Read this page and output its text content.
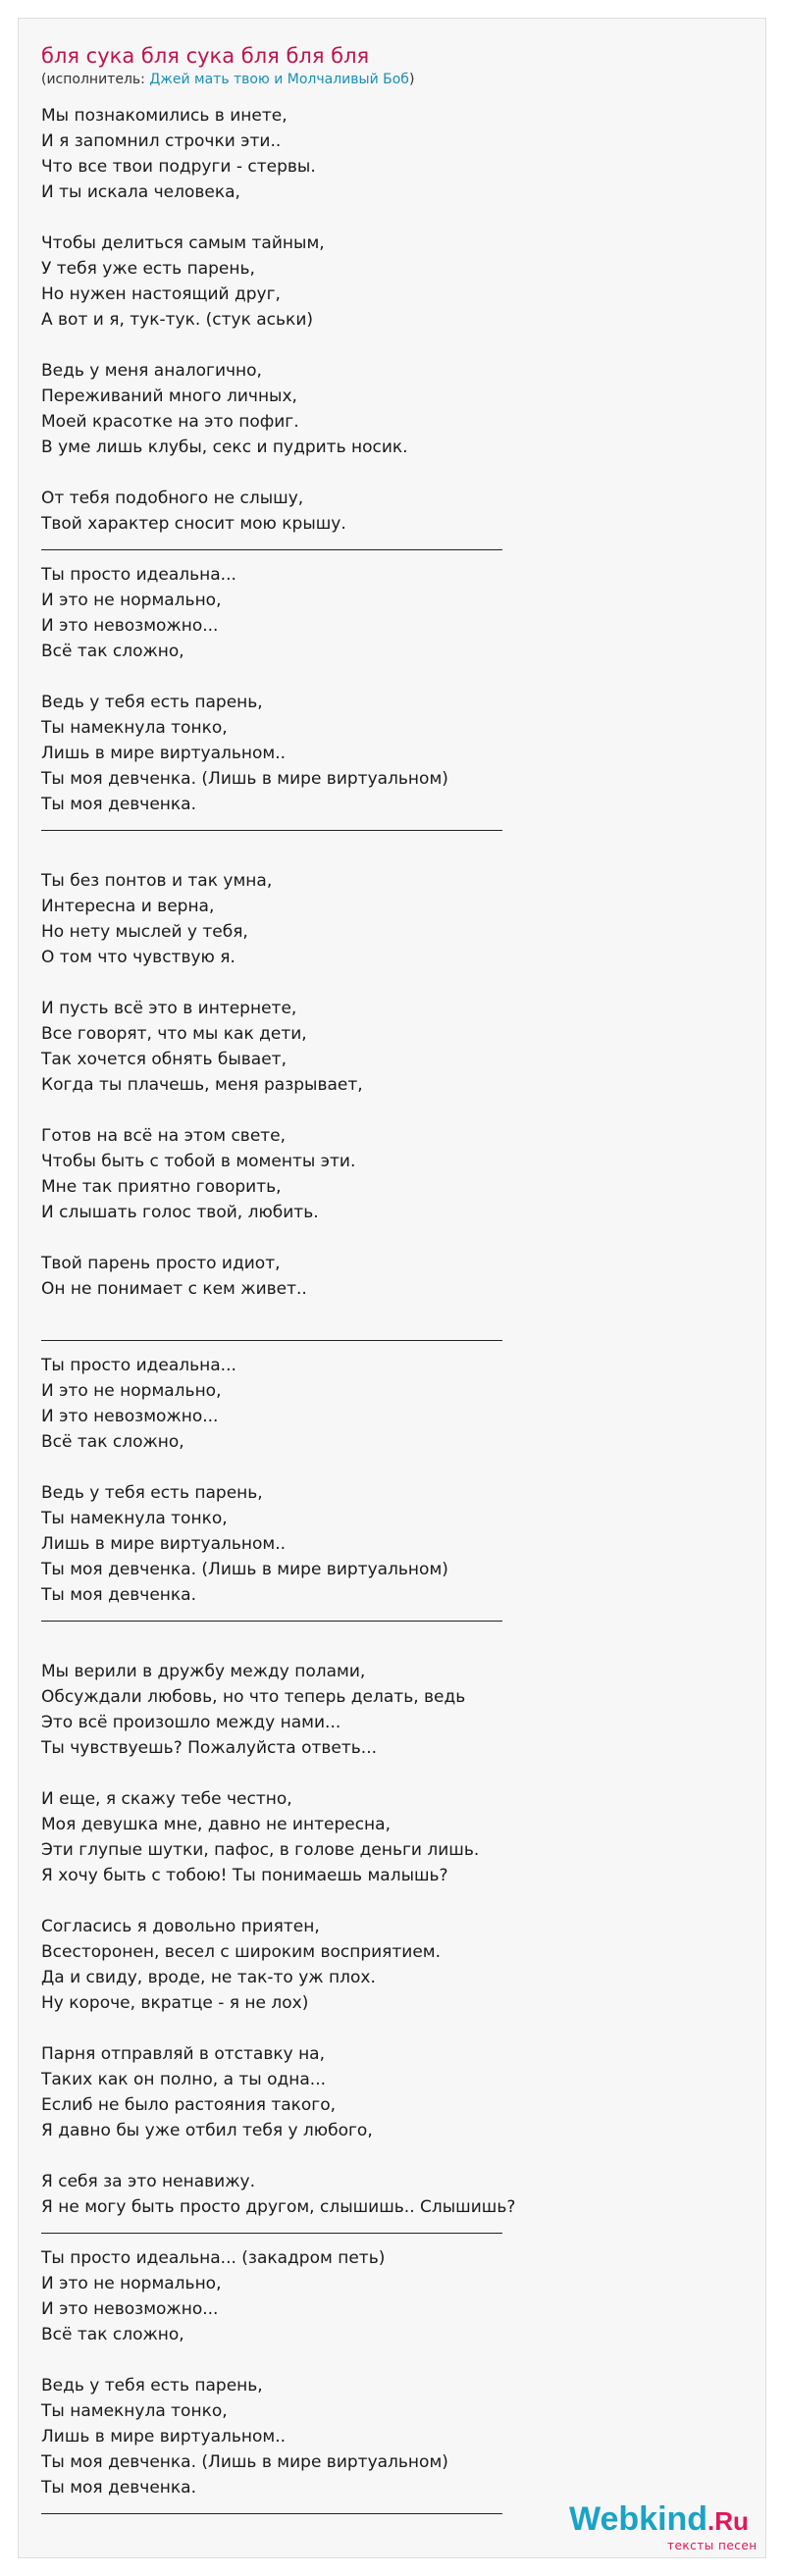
бля сука бля сука бля бля бля
(исполнитель: Джей мать твою и Молчаливый Боб)
Мы познакомились в инете,
И я запомнил строчки эти..
Что все твои подруги - стервы.
И ты искала человека,
Чтобы делиться самым тайным,
У тебя уже есть парень,
Но нужен настоящий друг,
А вот и я, тук-тук. (стук аськи)
Ведь у меня аналогично,
Переживаний много личных,
Моей красотке на это пофиг.
В уме лишь клубы, секс и пудрить носик.
От тебя подобного не слышу,
Твой характер сносит мою крышу.
Ты просто идеальна...
И это не нормально,
И это невозможно...
Всё так сложно,
Ведь у тебя есть парень,
Ты намекнула тонко,
Лишь в мире виртуальном..
Ты моя девченка. (Лишь в мире виртуальном)
Ты моя девченка.
Ты без понтов и так умна,
Интересна и верна,
Но нету мыслей у тебя,
О том что чувствую я.
И пусть всё это в интернете,
Все говорят, что мы как дети,
Так хочется обнять бывает,
Когда ты плачешь, меня разрывает,
Готов на всё на этом свете,
Чтобы быть с тобой в моменты эти.
Мне так приятно говорить,
И слышать голос твой, любить.
Твой парень просто идиот,
Он не понимает с кем живет..
Ты просто идеальна...
И это не нормально,
И это невозможно...
Всё так сложно,
Ведь у тебя есть парень,
Ты намекнула тонко,
Лишь в мире виртуальном..
Ты моя девченка. (Лишь в мире виртуальном)
Ты моя девченка.
Мы верили в дружбу между полами,
Обсуждали любовь, но что теперь делать, ведь
Это всё произошло между нами...
Ты чувствуешь? Пожалуйста ответь...
И еще, я скажу тебе честно,
Моя девушка мне, давно не интересна,
Эти глупые шутки, пафос, в голове деньги лишь.
Я хочу быть с тобою! Ты понимаешь малышь?
Согласись я довольно приятен,
Всесторонен, весел с широким восприятием.
Да и свиду, вроде, не так-то уж плох.
Ну короче, вкратце - я не лох)
Парня отправляй в отставку на,
Таких как он полно, а ты одна...
Еслиб не было растояния такого,
Я давно бы уже отбил тебя у любого,
Я себя за это ненавижу.
Я не могу быть просто другом, слышишь.. Слышишь?
Ты просто идеальна... (закадром петь)
И это не нормально,
И это невозможно...
Всё так сложно,
Ведь у тебя есть парень,
Ты намекнула тонко,
Лишь в мире виртуальном..
Ты моя девченка. (Лишь в мире виртуальном)
Ты моя девченка.
Webkind.Ru
тексты песен
